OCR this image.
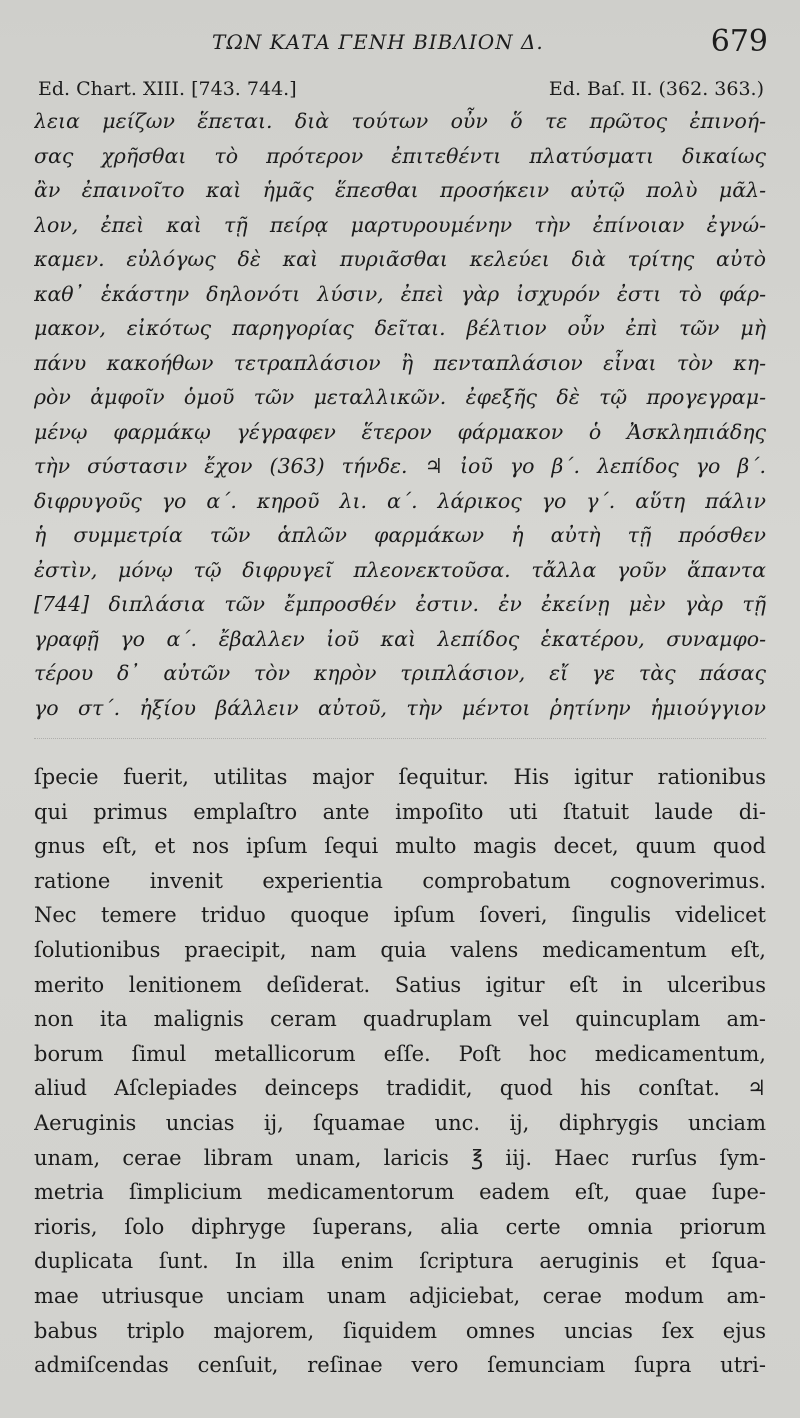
ΤΩΝ ΚΑΤΑ ΓΕΝΗ ΒΙΒΛΙΟΝ Δ.	679
Ed. Chart. XIII. [743. 744.]	Ed. Baſ. II. (362. 363.)
λεια μείζων ἕπεται. διὰ τούτων οὖν ὅ τε πρῶτος ἐπινοή-
σας χρῆσθαι τὸ πρότερον ἐπιτεθέντι πλατύσματι δικαίως
ἂν ἐπαινοῖτο καὶ ἡμᾶς ἕπεσθαι προσήκειν αὐτῷ πολὺ μᾶλ-
λον, ἐπεὶ καὶ τῇ πείρᾳ μαρτυρουμένην τὴν ἐπίνοιαν ἐγνώ-
καμεν. εὐλόγως δὲ καὶ πυριᾶσθαι κελεύει διὰ τρίτης αὐτὸ
καθ᾽ ἑκάστην δηλονότι λύσιν, ἐπεὶ γὰρ ἰσχυρόν ἐστι τὸ φάρ-
μακον, εἰκότως παρηγορίας δεῖται. βέλτιον οὖν ἐπὶ τῶν μὴ
πάνυ κακοήθων τετραπλάσιον ἢ πενταπλάσιον εἶναι τὸν κη-
ρὸν ἀμφοῖν ὁμοῦ τῶν μεταλλικῶν. ἐφεξῆς δὲ τῷ προγεγραμ-
μένῳ φαρμάκῳ γέγραφεν ἕτερον φάρμακον ὁ Ἀσκληπιάδης
τὴν σύστασιν ἔχον (363) τήνδε. ♃ ἰοῦ γο β΄. λεπίδος γο β΄.
διφρυγοῦς γο α΄. κηροῦ λι. α΄. λάρικος γο γ΄. αὕτη πάλιν
ἡ συμμετρία τῶν ἁπλῶν φαρμάκων ἡ αὐτὴ τῇ πρόσθεν
ἐστὶν, μόνῳ τῷ διφρυγεῖ πλεονεκτοῦσα. τἄλλα γοῦν ἅπαντα
[744] διπλάσια τῶν ἔμπροσθέν ἐστιν. ἐν ἐκείνῃ μὲν γὰρ τῇ
γραφῇ γο α΄. ἔβαλλεν ἰοῦ καὶ λεπίδος ἑκατέρου, συναμφο-
τέρου δ᾽ αὐτῶν τὸν κηρὸν τριπλάσιον, εἴ γε τὰς πάσας
γο στ΄. ἠξίου βάλλειν αὐτοῦ, τὴν μέντοι ῥητίνην ἡμιούγγιον
ſpecie fuerit, utilitas major ſequitur. His igitur rationibus
qui primus emplaſtro ante impoſito uti ſtatuit laude di-
gnus eſt, et nos ipſum ſequi multo magis decet, quum quod
ratione invenit experientia comprobatum cognoverimus.
Nec temere triduo quoque ipſum ſoveri, ſingulis videlicet
ſolutionibus praecipit, nam quia valens medicamentum eſt,
merito lenitionem deſiderat. Satius igitur eſt in ulceribus
non ita malignis ceram quadruplam vel quincuplam am-
borum ſimul metallicorum eſſe. Poſt hoc medicamentum,
aliud Aſclepiades deinceps tradidit, quod his conſtat. ♃
Aeruginis uncias ij, ſquamae unc. ij, diphrygis unciam
unam, cerae libram unam, laricis ℥ iij. Haec rurſus ſym-
metria ſimplicium medicamentorum eadem eſt, quae ſupe-
rioris, ſolo diphryge ſuperans, alia certe omnia priorum
duplicata ſunt. In illa enim ſcriptura aeruginis et ſqua-
mae utriusque unciam unam adjiciebat, cerae modum am-
babus triplo majorem, ſiquidem omnes uncias ſex ejus
admiſcendas cenſuit, reſinae vero ſemunciam ſupra utri-
